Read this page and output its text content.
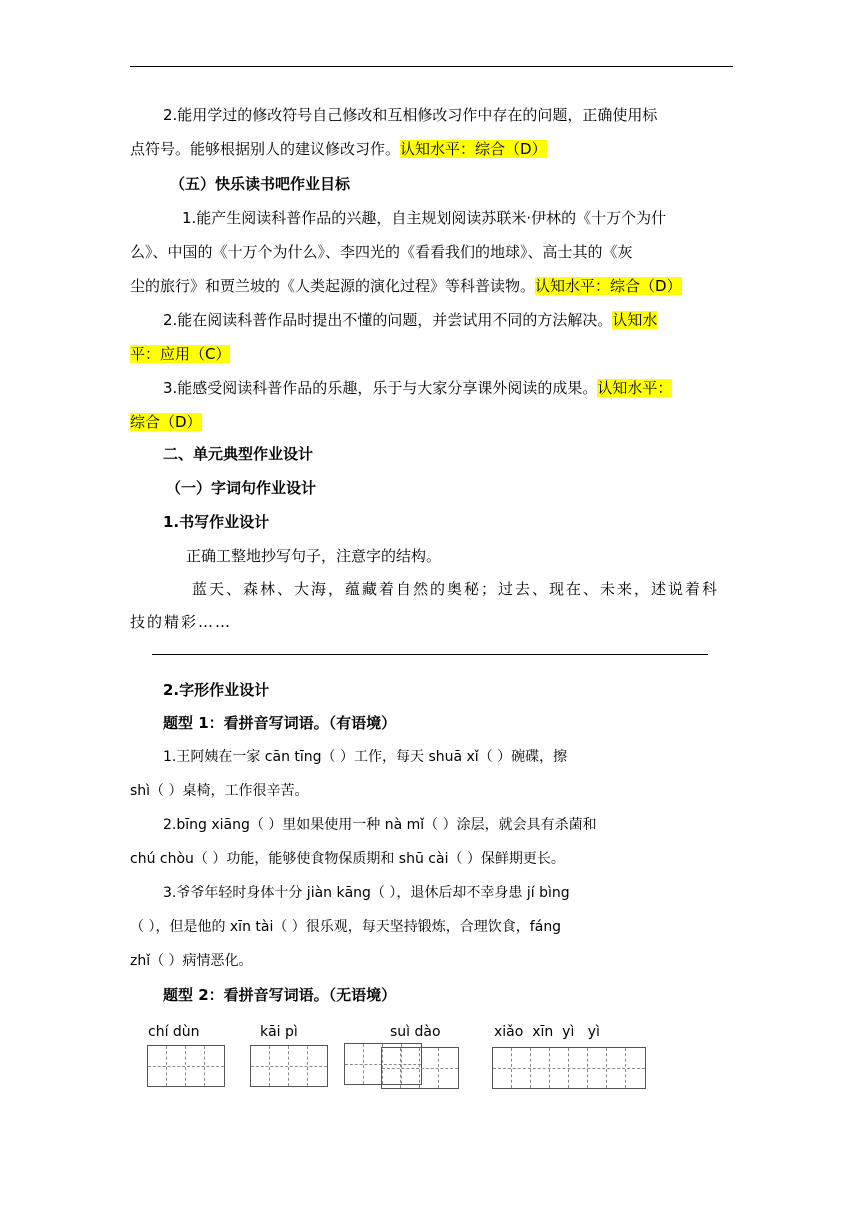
2.能用学过的修改符号自己修改和互相修改习作中存在的问题，正确使用标
点符号。能够根据别人的建议修改习作。认知水平：综合（D）
（五）快乐读书吧作业目标
1.能产生阅读科普作品的兴趣，自主规划阅读苏联米·伊林的《十万个为什
么》、中国的《十万个为什么》、李四光的《看看我们的地球》、高士其的《灰
尘的旅行》和贾兰坡的《人类起源的演化过程》等科普读物。认知水平：综合（D）
2.能在阅读科普作品时提出不懂的问题，并尝试用不同的方法解决。认知水
平：应用（C）
3.能感受阅读科普作品的乐趣，乐于与大家分享课外阅读的成果。认知水平：
综合（D）
二、单元典型作业设计
（一）字词句作业设计
1.书写作业设计
正确工整地抄写句子，注意字的结构。
蓝天、森林、大海，蕴藏着自然的奥秘；过去、现在、未来，述说着科
技的精彩……
2.字形作业设计
题型 1：看拼音写词语。（有语境）
1.王阿姨在一家 cān tīng（ ）工作，每天 shuā xǐ（ ）碗碟，擦
shì（ ）桌椅，工作很辛苦。
2.bīng xiāng（ ）里如果使用一种 nà mǐ（ ）涂层，就会具有杀菌和
chú chòu（ ）功能，能够使食物保质期和 shū cài（ ）保鲜期更长。
3.爷爷年轻时身体十分 jiàn kāng（ ），退休后却不幸身患 jí bìng
（ ），但是他的 xīn tài（ ）很乐观，每天坚持锻炼，合理饮食，fáng
zhǐ（ ）病情恶化。
题型 2：看拼音写词语。（无语境）
chí dùn	kāi pì	suì dào	xiǎo  xīn  yì   yì
